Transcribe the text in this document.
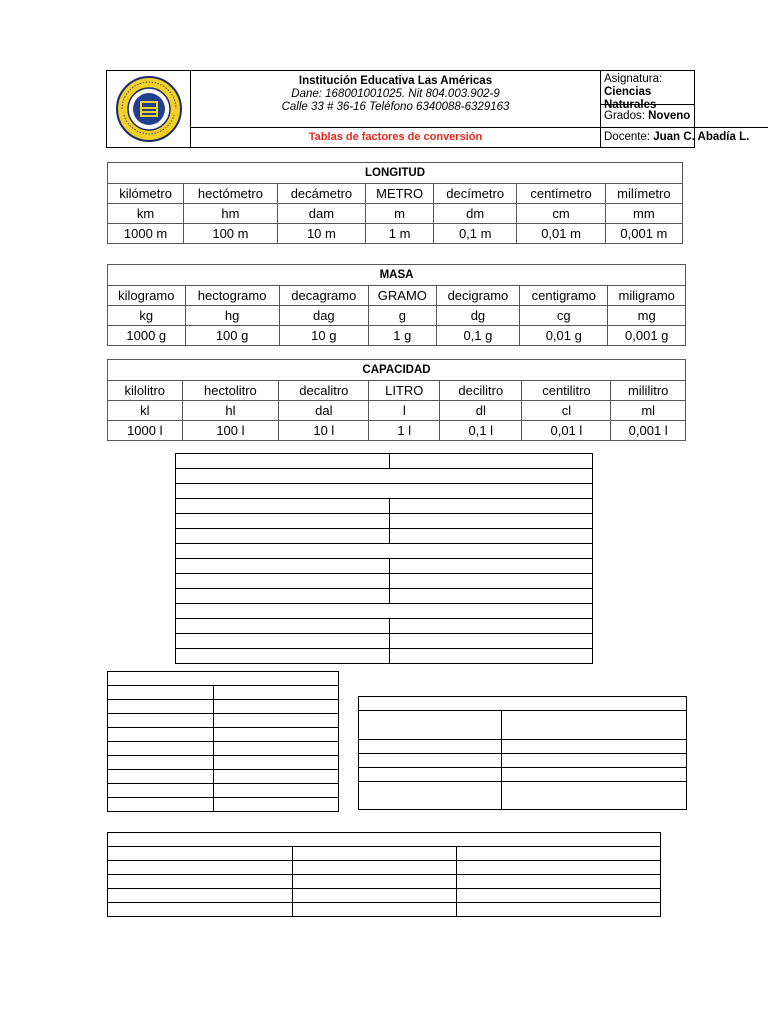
Institución Educativa Las Américas
Dane: 168001001025. Nit 804.003.902-9
Calle 33 # 36-16 Teléfono 6340088-6329163
Tablas de factores de conversión
Asignatura:
Ciencias Naturales
Grados: Noveno
Docente: Juan C. Abadía L.
LONGITUD						
kilómetro	hectómetro	decámetro	METRO	decímetro	centímetro	milímetro
km	hm	dam	m	dm	cm	mm
1000 m	100 m	10 m	1 m	0,1 m	0,01 m	0,001 m
MASA						
kilogramo	hectogramo	decagramo	GRAMO	decigramo	centigramo	miligramo
kg	hg	dag	g	dg	cg	mg
1000 g	100 g	10 g	1 g	0,1 g	0,01 g	0,001 g
CAPACIDAD						
kilolitro	hectolitro	decalitro	LITRO	decilitro	centilitro	mililitro
kl	hl	dal	l	dl	cl	ml
1000 l	100 l	10 l	1 l	0,1 l	0,01 l	0,001 l
